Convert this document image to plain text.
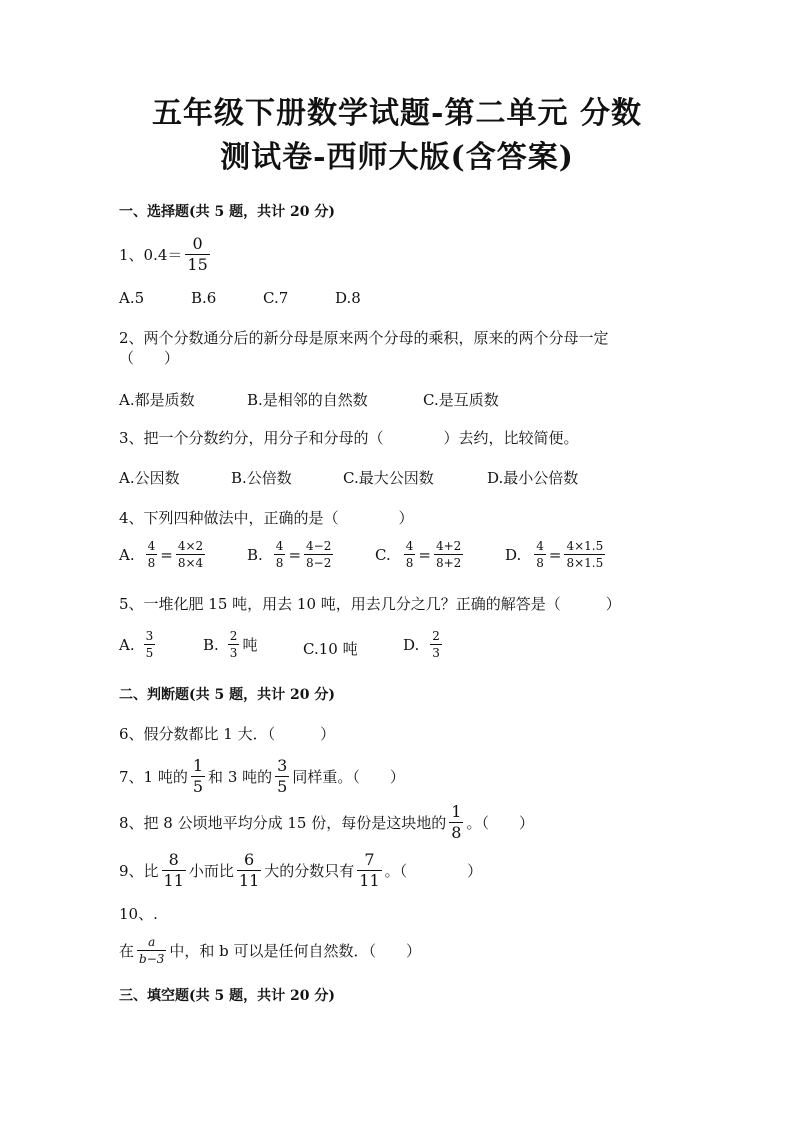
五年级下册数学试题-第二单元 分数
测试卷-西师大版(含答案)
一、选择题(共 5 题，共计 20 分)
1、$0.4= \frac{0}{15}$
A.5	B.6	C.7	D.8
2、两个分数通分后的新分母是原来两个分母的乘积，原来的两个分母一定
（　　）
A.都是质数	B.是相邻的自然数	C.是互质数
3、把一个分数约分，用分子和分母的（　　　　）去约，比较简便。
A.公因数	B.公倍数	C.最大公因数	D.最小公倍数
4、下列四种做法中，正确的是（　　　　）
A. $\frac{4}{8} = \frac{4\times 2}{8\times 4}$	B. $\frac{4}{8} = \frac{4-2}{8-2}$	C. $\frac{4}{8} = \frac{4+2}{8+2}$	D. $\frac{4}{8} = \frac{4\times 1.5}{8\times 1.5}$
5、一堆化肥 15 吨，用去 10 吨，用去几分之几？正确的解答是（　　　）
A. $\frac{3}{5}$	B. $\frac{2}{3}$ 吨	C.10 吨	D. $\frac{2}{3}$
二、判断题(共 5 题，共计 20 分)
6、假分数都比 1 大．（　　　）
7、1 吨的 $\frac{1}{5}$ 和 3 吨的 $\frac{3}{5}$ 同样重。（　　）
8、把 8 公顷地平均分成 15 份，每份是这块地的 $\frac{1}{8}$ 。（　　）
9、比 $\frac{8}{11}$ 小而比 $\frac{6}{11}$ 大的分数只有 $\frac{7}{11}$ 。（　　　　）
10、.
在 $\frac{a}{b-3}$ 中，和 b 可以是任何自然数．（　　）
三、填空题(共 5 题，共计 20 分)
